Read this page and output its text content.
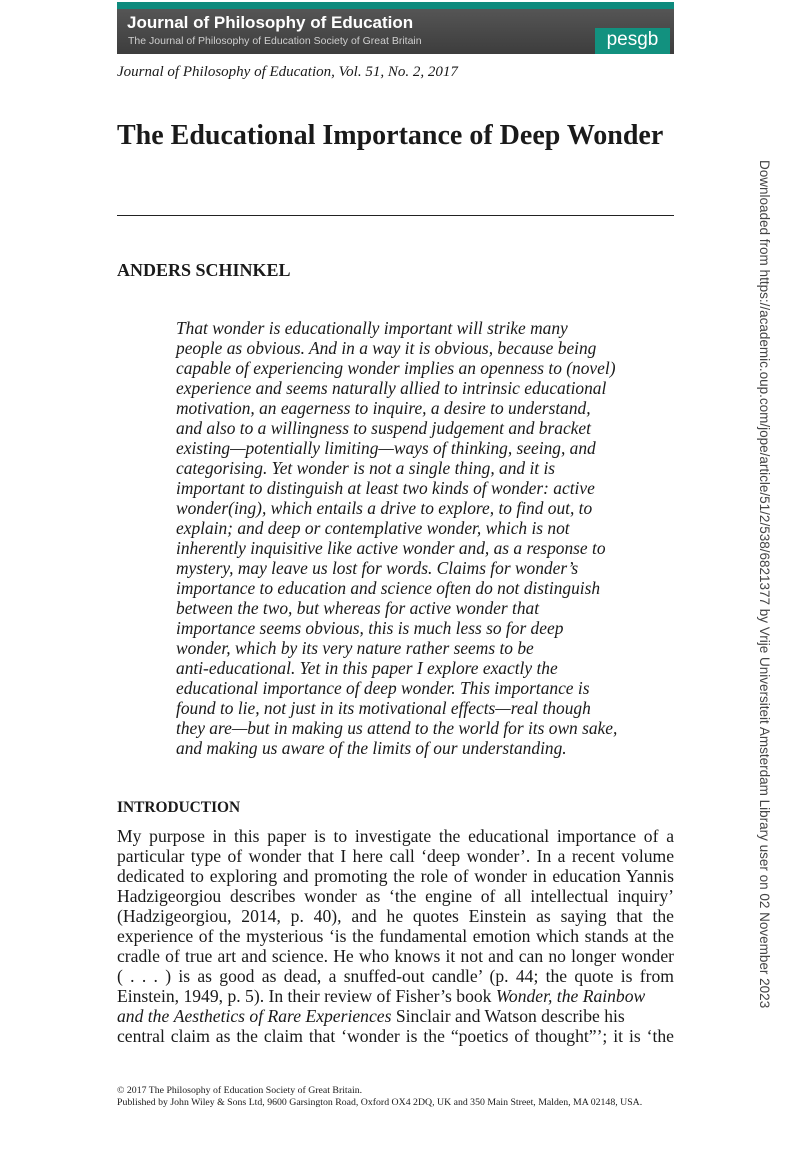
Journal of Philosophy of Education
The Journal of Philosophy of Education Society of Great Britain	pesgb
Journal of Philosophy of Education, Vol. 51, No. 2, 2017
The Educational Importance of Deep Wonder
ANDERS SCHINKEL
That wonder is educationally important will strike many
people as obvious. And in a way it is obvious, because being
capable of experiencing wonder implies an openness to (novel)
experience and seems naturally allied to intrinsic educational
motivation, an eagerness to inquire, a desire to understand,
and also to a willingness to suspend judgement and bracket
existing—potentially limiting—ways of thinking, seeing, and
categorising. Yet wonder is not a single thing, and it is
important to distinguish at least two kinds of wonder: active
wonder(ing), which entails a drive to explore, to find out, to
explain; and deep or contemplative wonder, which is not
inherently inquisitive like active wonder and, as a response to
mystery, may leave us lost for words. Claims for wonder’s
importance to education and science often do not distinguish
between the two, but whereas for active wonder that
importance seems obvious, this is much less so for deep
wonder, which by its very nature rather seems to be
anti-educational. Yet in this paper I explore exactly the
educational importance of deep wonder. This importance is
found to lie, not just in its motivational effects—real though
they are—but in making us attend to the world for its own sake,
and making us aware of the limits of our understanding.
INTRODUCTION
My purpose in this paper is to investigate the educational importance of a
particular type of wonder that I here call ‘deep wonder’. In a recent volume
dedicated to exploring and promoting the role of wonder in education Yannis
Hadzigeorgiou describes wonder as ‘the engine of all intellectual inquiry’
(Hadzigeorgiou, 2014, p. 40), and he quotes Einstein as saying that the
experience of the mysterious ‘is the fundamental emotion which stands at the
cradle of true art and science. He who knows it not and can no longer wonder
( . . . ) is as good as dead, a snuffed-out candle’ (p. 44; the quote is from
Einstein, 1949, p. 5). In their review of Fisher’s book Wonder, the Rainbow
and the Aesthetics of Rare Experiences Sinclair and Watson describe his
central claim as the claim that ‘wonder is the “poetics of thought”’; it is ‘the
© 2017 The Philosophy of Education Society of Great Britain.
Published by John Wiley & Sons Ltd, 9600 Garsington Road, Oxford OX4 2DQ, UK and 350 Main Street, Malden, MA 02148, USA.
Downloaded from https://academic.oup.com/jope/article/51/2/538/6821377 by Vrije Universiteit Amsterdam Library user on 02 November 2023
